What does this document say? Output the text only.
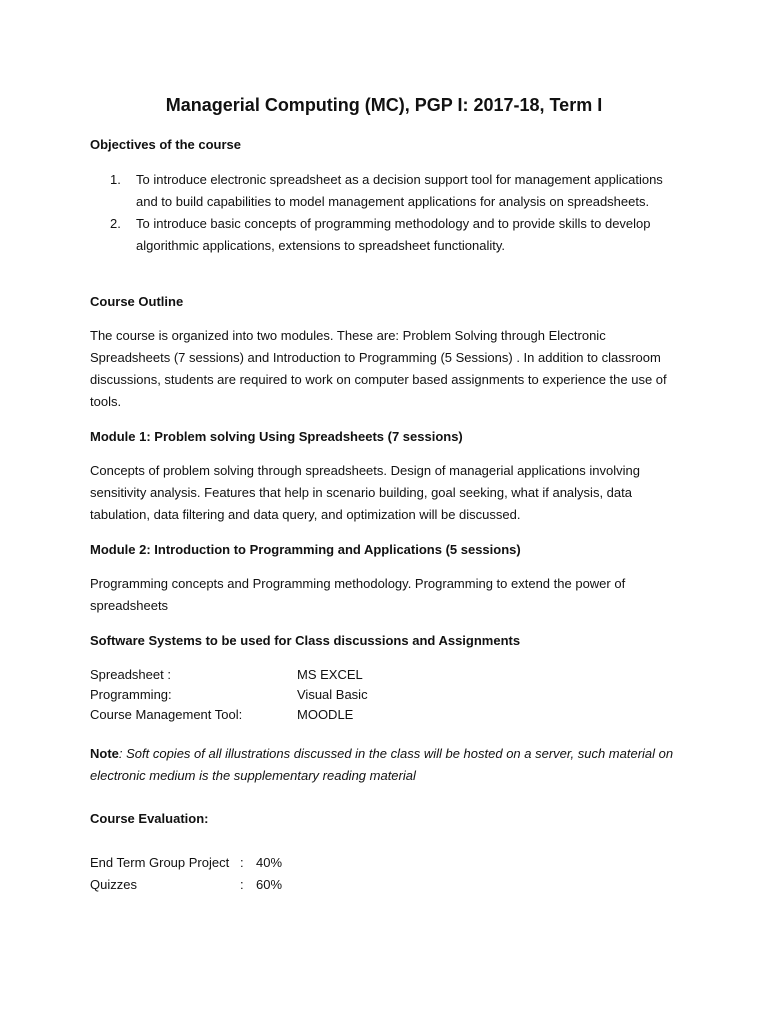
Managerial Computing (MC), PGP I: 2017-18, Term I
Objectives of the course
1.	To introduce electronic spreadsheet as a decision support tool for management applications and to build capabilities to model management applications for analysis on spreadsheets.
2.	To introduce basic concepts of programming methodology and to provide skills to develop algorithmic applications, extensions to spreadsheet functionality.
Course Outline
The course is organized into two modules. These are: Problem Solving through Electronic Spreadsheets (7 sessions) and Introduction to Programming (5 Sessions) . In addition to classroom discussions, students are required to work on computer based assignments to experience the use of tools.
Module 1: Problem solving Using Spreadsheets (7 sessions)
Concepts of problem solving through spreadsheets. Design of managerial applications involving sensitivity analysis. Features that help in scenario building, goal seeking, what if analysis, data tabulation, data filtering and data query, and optimization will be discussed.
Module 2: Introduction to Programming and Applications (5 sessions)
Programming concepts and Programming methodology. Programming to extend the power of spreadsheets
Software Systems to be used for Class discussions and Assignments
Spreadsheet :	MS EXCEL
Programming:	Visual Basic
Course Management Tool:	MOODLE
Note: Soft copies of all illustrations discussed in the class will be hosted on a server, such material on electronic medium is the supplementary reading material
Course Evaluation:
End Term Group Project : 40%
Quizzes	: 60%
